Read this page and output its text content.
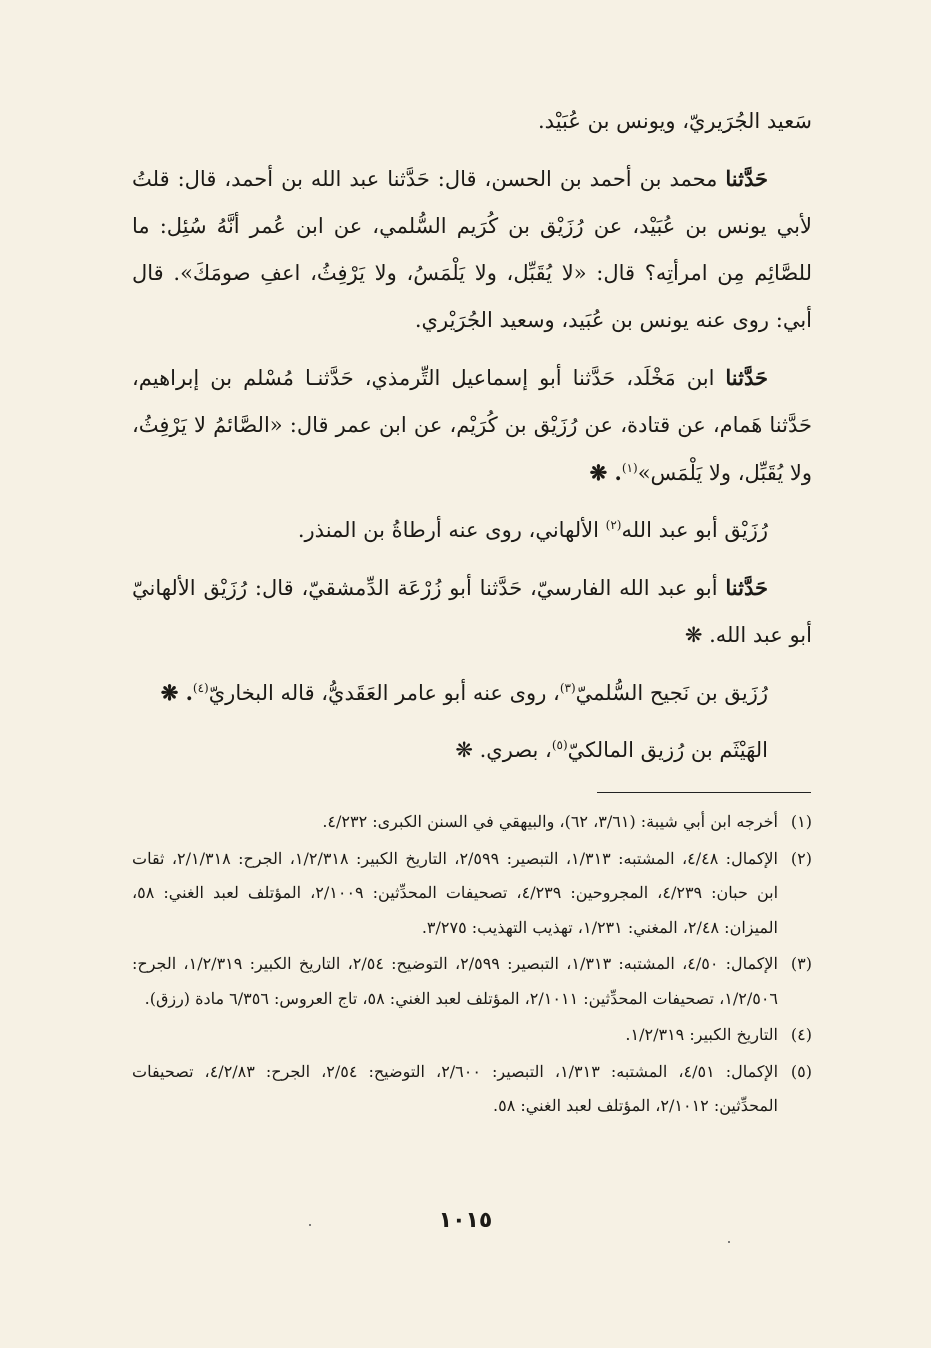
سَعيد الجُرَيريّ، ويونس بن عُبَيْد.

حَدَّثنا محمد بن أحمد بن الحسن، قال: حَدَّثنا عبد الله بن أحمد، قال: قلتُ لأبي يونس بن عُبَيْد، عن رُزَيْق بن كُرَيم السُّلمي، عن ابن عُمر أنَّهُ سُئِل: ما للصَّائِم مِن امرأتِه؟ قال: «لا يُقَبِّل، ولا يَلْمَسُ، ولا يَرْفِثُ، اعفِ صومَكَ». قال أبي: روى عنه يونس بن عُبَيد، وسعيد الجُرَيْري.

حَدَّثنا ابن مَخْلَد، حَدَّثنا أبو إسماعيل التِّرمذي، حَدَّثنـا مُسْلم بن إبراهيم، حَدَّثنا هَمام، عن قتادة، عن رُزَيْق بن كُرَيْم، عن ابن عمر قال: «الصَّائمُ لا يَرْفِثُ، ولا يُقَبِّل، ولا يَلْمَس»$^{(١)}$. ❋

رُزَيْق أبو عبد الله$^{(٢)}$ الألهاني، روى عنه أرطاةُ بن المنذر.

حَدَّثنا أبو عبد الله الفارسيّ، حَدَّثنا أبو زُرْعَة الدِّمشقيّ، قال: رُزَيْق الألهانيّ أبو عبد الله. ❋

رُزَيق بن نَجيح السُّلميّ$^{(٣)}$، روى عنه أبو عامر العَقَديُّ، قاله البخاريّ$^{(٤)}$. ❋

الهَيْثَم بن رُزيق المالكيّ$^{(٥)}$، بصري. ❋

(١)
أخرجه ابن أبي شيبة: (٣/٦١، ٦٢)، والبيهقي في السنن الكبرى: ٤/٢٣٢.
(٢)
الإكمال: ٤/٤٨، المشتبه: ١/٣١٣، التبصير: ٢/٥٩٩، التاريخ الكبير: ١/٢/٣١٨، الجرح: ٢/١/٣١٨، ثقات ابن حبان: ٤/٢٣٩، المجروحين: ٤/٢٣٩، تصحيفات المحدِّثين: ٢/١٠٠٩، المؤتلف لعبد الغني: ٥٨، الميزان: ٢/٤٨، المغني: ١/٢٣١، تهذيب التهذيب: ٣/٢٧٥.
(٣)
الإكمال: ٤/٥٠، المشتبه: ١/٣١٣، التبصير: ٢/٥٩٩، التوضيح: ٢/٥٤، التاريخ الكبير: ١/٢/٣١٩، الجرح: ١/٢/٥٠٦، تصحيفات المحدِّثين: ٢/١٠١١، المؤتلف لعبد الغني: ٥٨، تاج العروس: ٦/٣٥٦ مادة (رزق).
(٤)
التاريخ الكبير: ١/٢/٣١٩.
(٥)
الإكمال: ٤/٥١، المشتبه: ١/٣١٣، التبصير: ٢/٦٠٠، التوضيح: ٢/٥٤، الجرح: ٤/٢/٨٣، تصحيفات المحدِّثين: ٢/١٠١٢، المؤتلف لعبد الغني: ٥٨.
١٠١٥
